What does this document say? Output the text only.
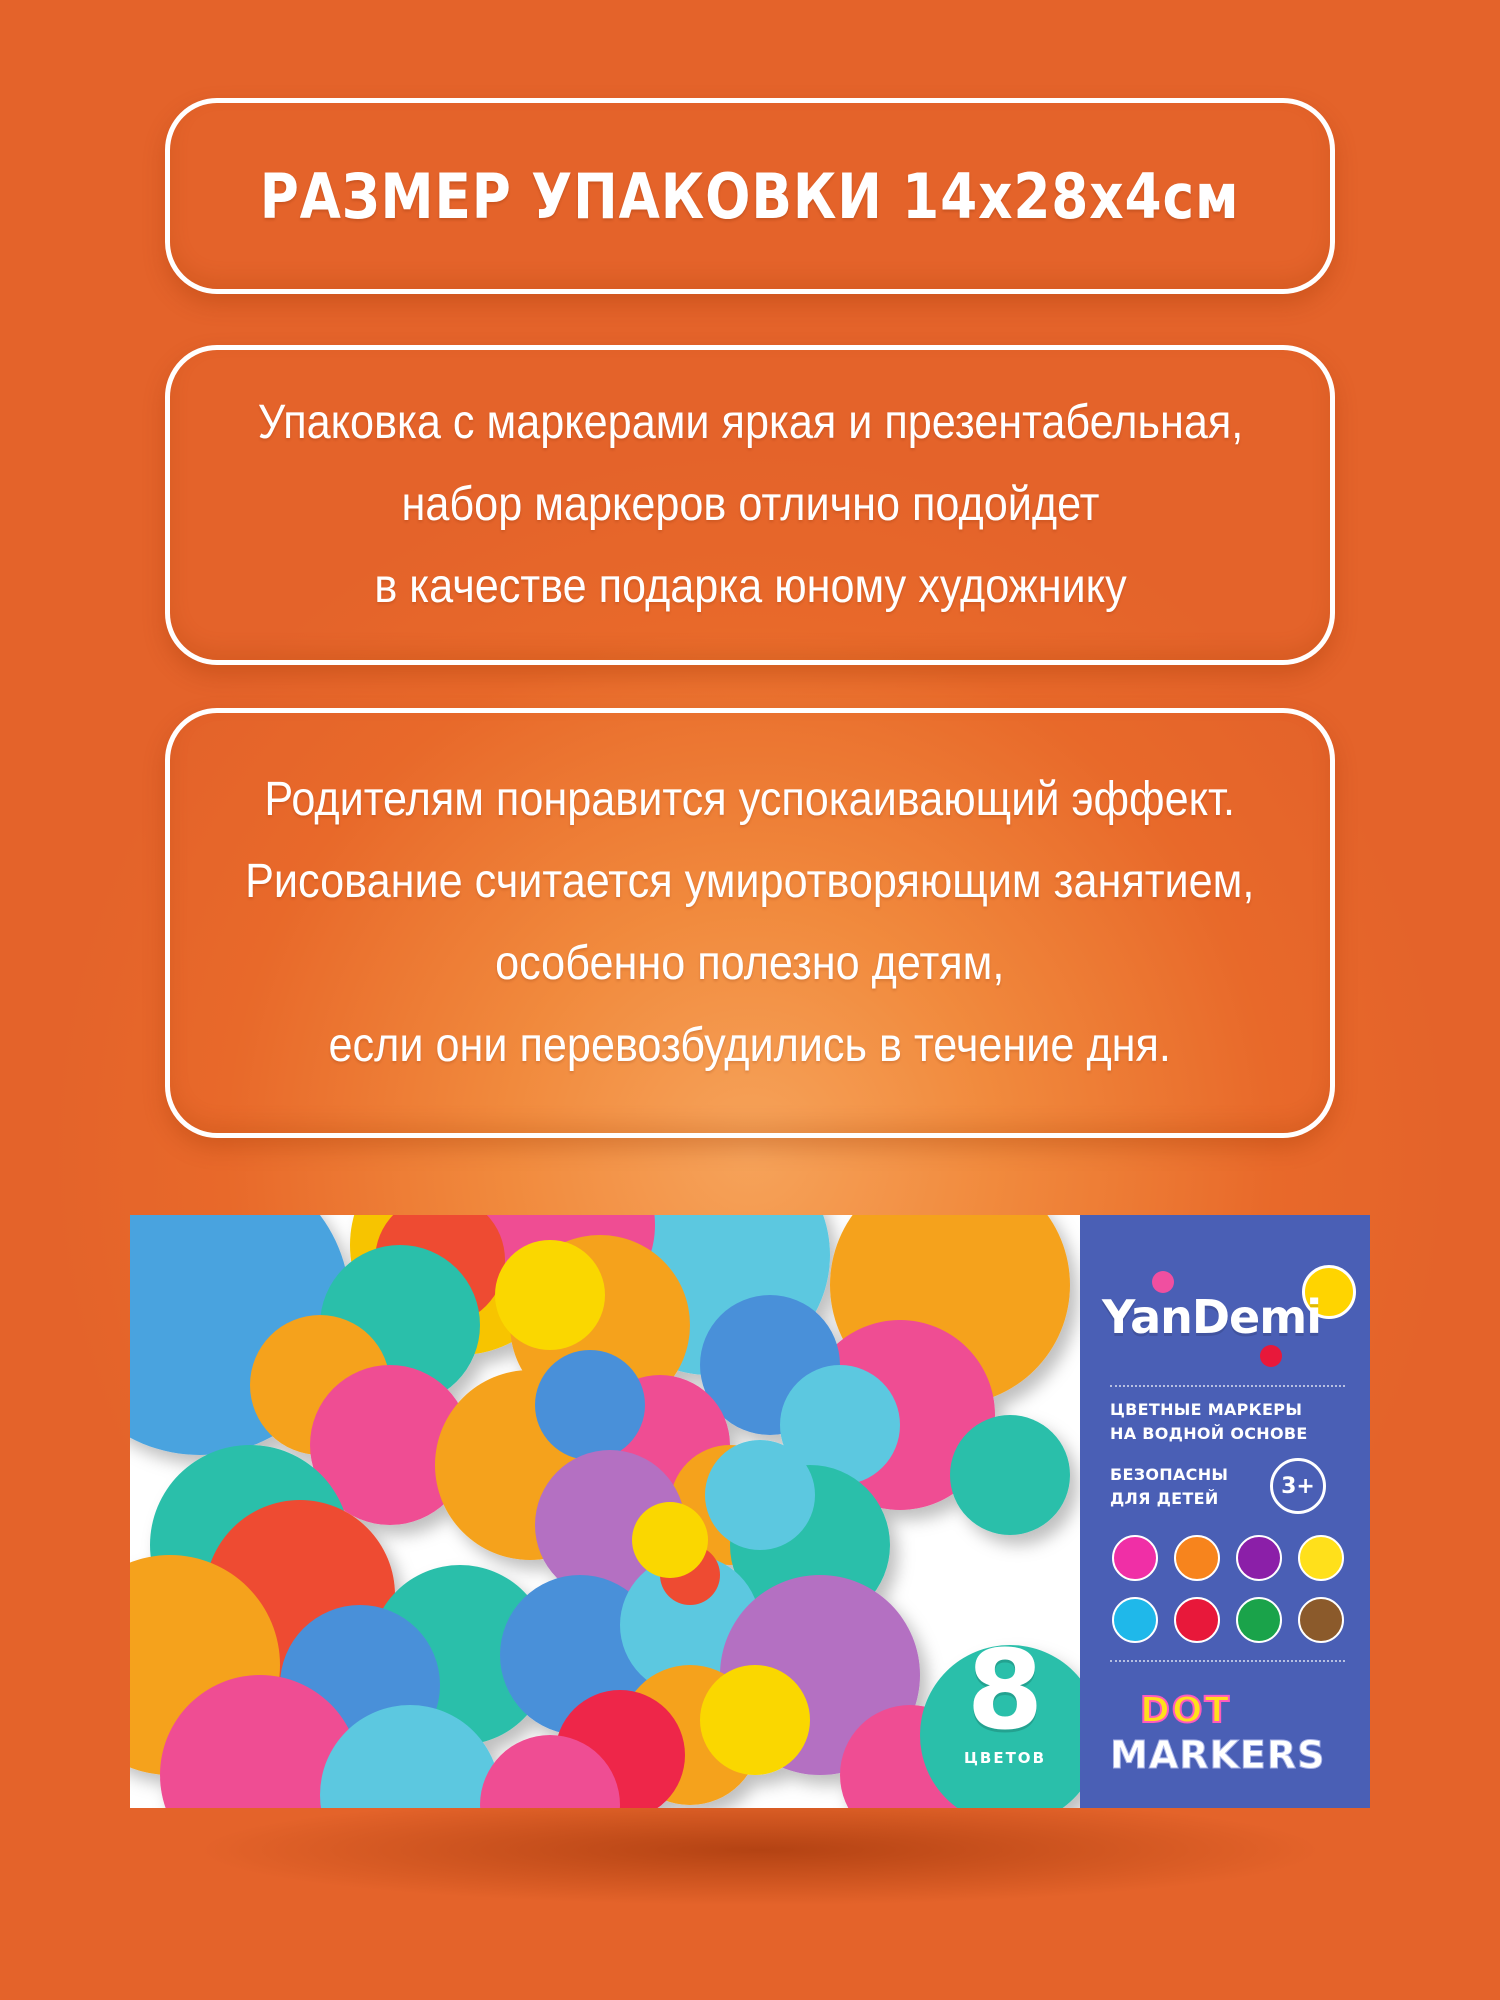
РАЗМЕР УПАКОВКИ 14х28х4см
Упаковка с маркерами яркая и презентабельная,
набор маркеров отлично подойдет
в качестве подарка юному художнику
Родителям понравится успокаивающий эффект.
Рисование считается умиротворяющим занятием,
особенно полезно детям,
если они перевозбудились в течение дня.
8
ЦВЕТОВ
YanDemi
ЦВЕТНЫЕ МАРКЕРЫ
НА ВОДНОЙ ОСНОВЕ
БЕЗОПАСНЫ
ДЛЯ ДЕТЕЙ	3+
DOT
MARKERS
